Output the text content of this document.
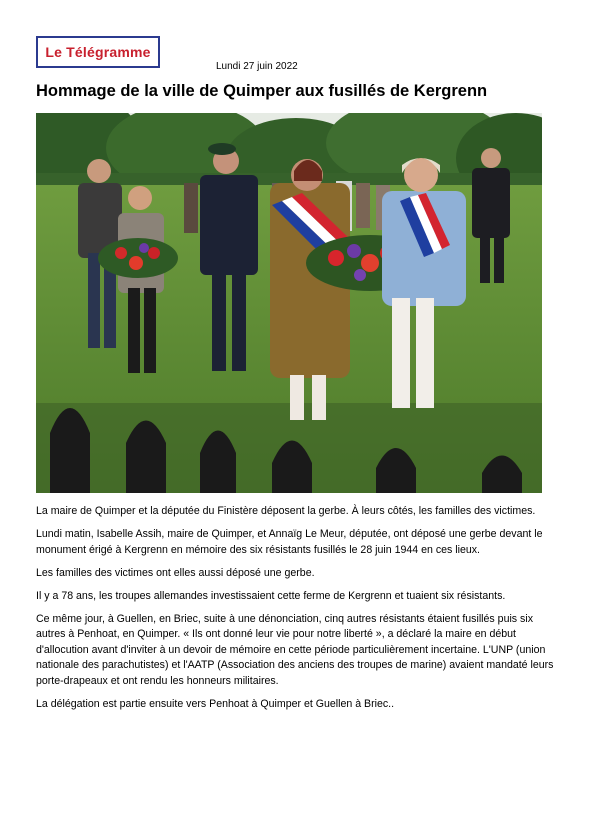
Le Télégramme
Lundi 27 juin 2022
Hommage de la ville de Quimper aux fusillés de Kergrenn

La maire de Quimper et la députée du Finistère déposent la gerbe. À leurs côtés, les familles des victimes.

Lundi matin, Isabelle Assih, maire de Quimper, et Annaïg Le Meur, députée, ont déposé une gerbe devant le monument érigé à Kergrenn en mémoire des six résistants fusillés le 28 juin 1944 en ces lieux.

Les familles des victimes ont elles aussi déposé une gerbe.

Il y a 78 ans, les troupes allemandes investissaient cette ferme de Kergrenn et tuaient six résistants.

Ce même jour, à Guellen, en Briec, suite à une dénonciation, cinq autres résistants étaient fusillés puis six autres à Penhoat, en Quimper. « Ils ont donné leur vie pour notre liberté », a déclaré la maire en début d'allocution avant d'inviter à un devoir de mémoire en cette période particulièrement incertaine. L'UNP (union nationale des parachutistes) et l'AATP (Association des anciens des troupes de marine) avaient mandaté leurs porte-drapeaux et ont rendu les honneurs militaires.

La délégation est partie ensuite vers Penhoat à Quimper et Guellen à Briec..
